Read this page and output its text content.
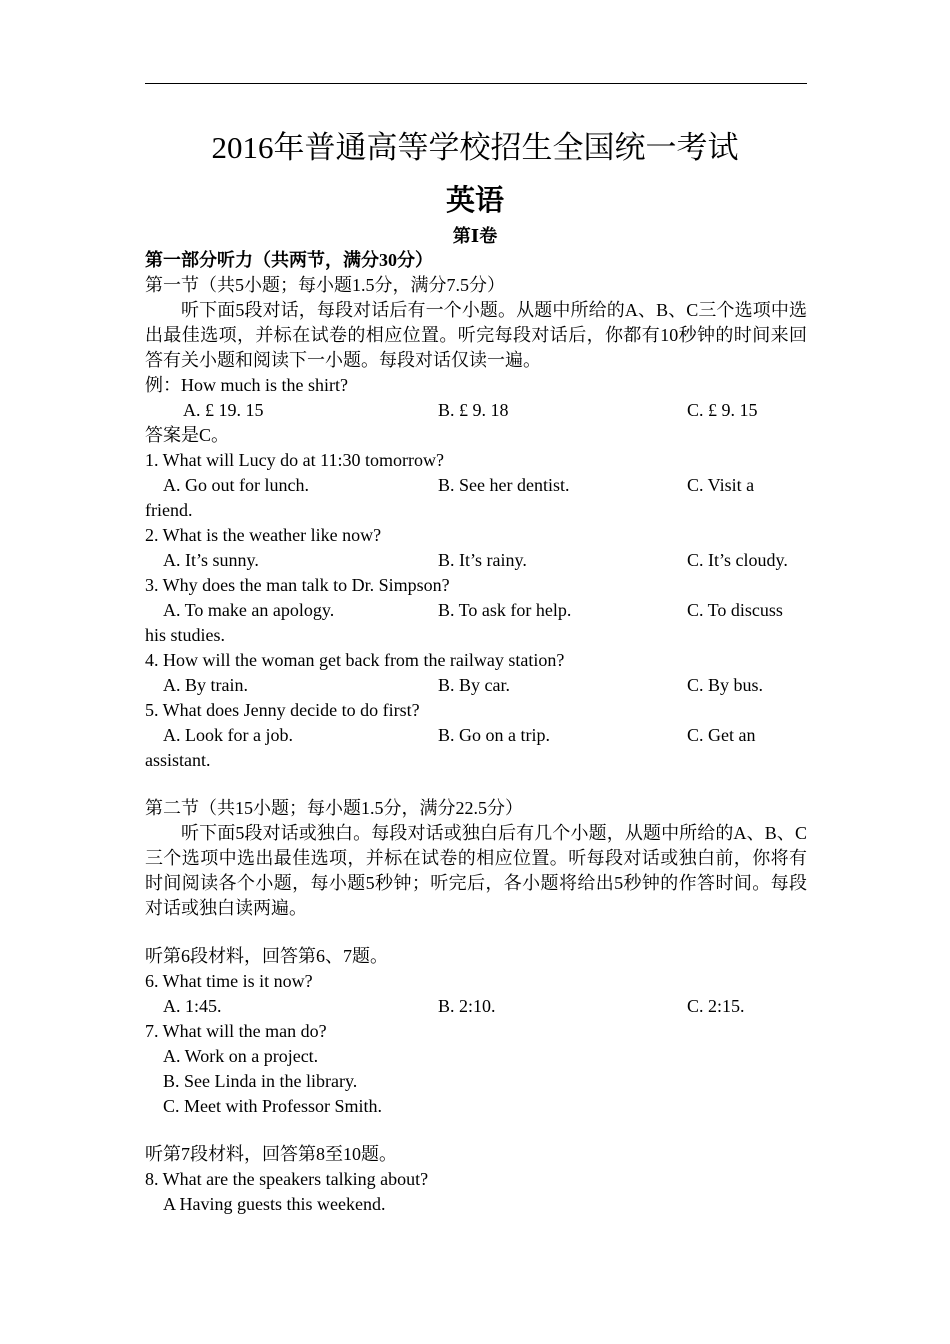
2016年普通高等学校招生全国统一考试
英语
第Ⅰ卷
第一部分听力（共两节，满分30分）
第一节（共5小题；每小题1.5分，满分7.5分）
听下面5段对话，每段对话后有一个小题。从题中所给的A、B、C三个选项中选出最佳选项，并标在试卷的相应位置。听完每段对话后，你都有10秒钟的时间来回答有关小题和阅读下一小题。每段对话仅读一遍。
例：How much is the shirt?
A. £ 19. 15	B. £ 9. 18	C. £ 9. 15
答案是C。
1. What will Lucy do at 11:30 tomorrow?
A. Go out for lunch.	B. See her dentist.	C. Visit a
friend.
2. What is the weather like now?
A. It’s sunny.	B. It’s rainy.	C. It’s cloudy.
3. Why does the man talk to Dr. Simpson?
A. To make an apology.	B. To ask for help.	C. To discuss
his studies.
4. How will the woman get back from the railway station?
A. By train.	B. By car.	C. By bus.
5. What does Jenny decide to do first?
A. Look for a job.	B. Go on a trip.	C. Get an
assistant.
第二节（共15小题；每小题1.5分，满分22.5分）
听下面5段对话或独白。每段对话或独白后有几个小题，从题中所给的A、B、C三个选项中选出最佳选项，并标在试卷的相应位置。听每段对话或独白前，你将有时间阅读各个小题，每小题5秒钟；听完后，各小题将给出5秒钟的作答时间。每段对话或独白读两遍。
听第6段材料，回答第6、7题。
6. What time is it now?
A. 1:45.	B. 2:10.	C. 2:15.
7. What will the man do?
A. Work on a project.
B. See Linda in the library.
C. Meet with Professor Smith.
听第7段材料，回答第8至10题。
8. What are the speakers talking about?
A Having guests this weekend.
